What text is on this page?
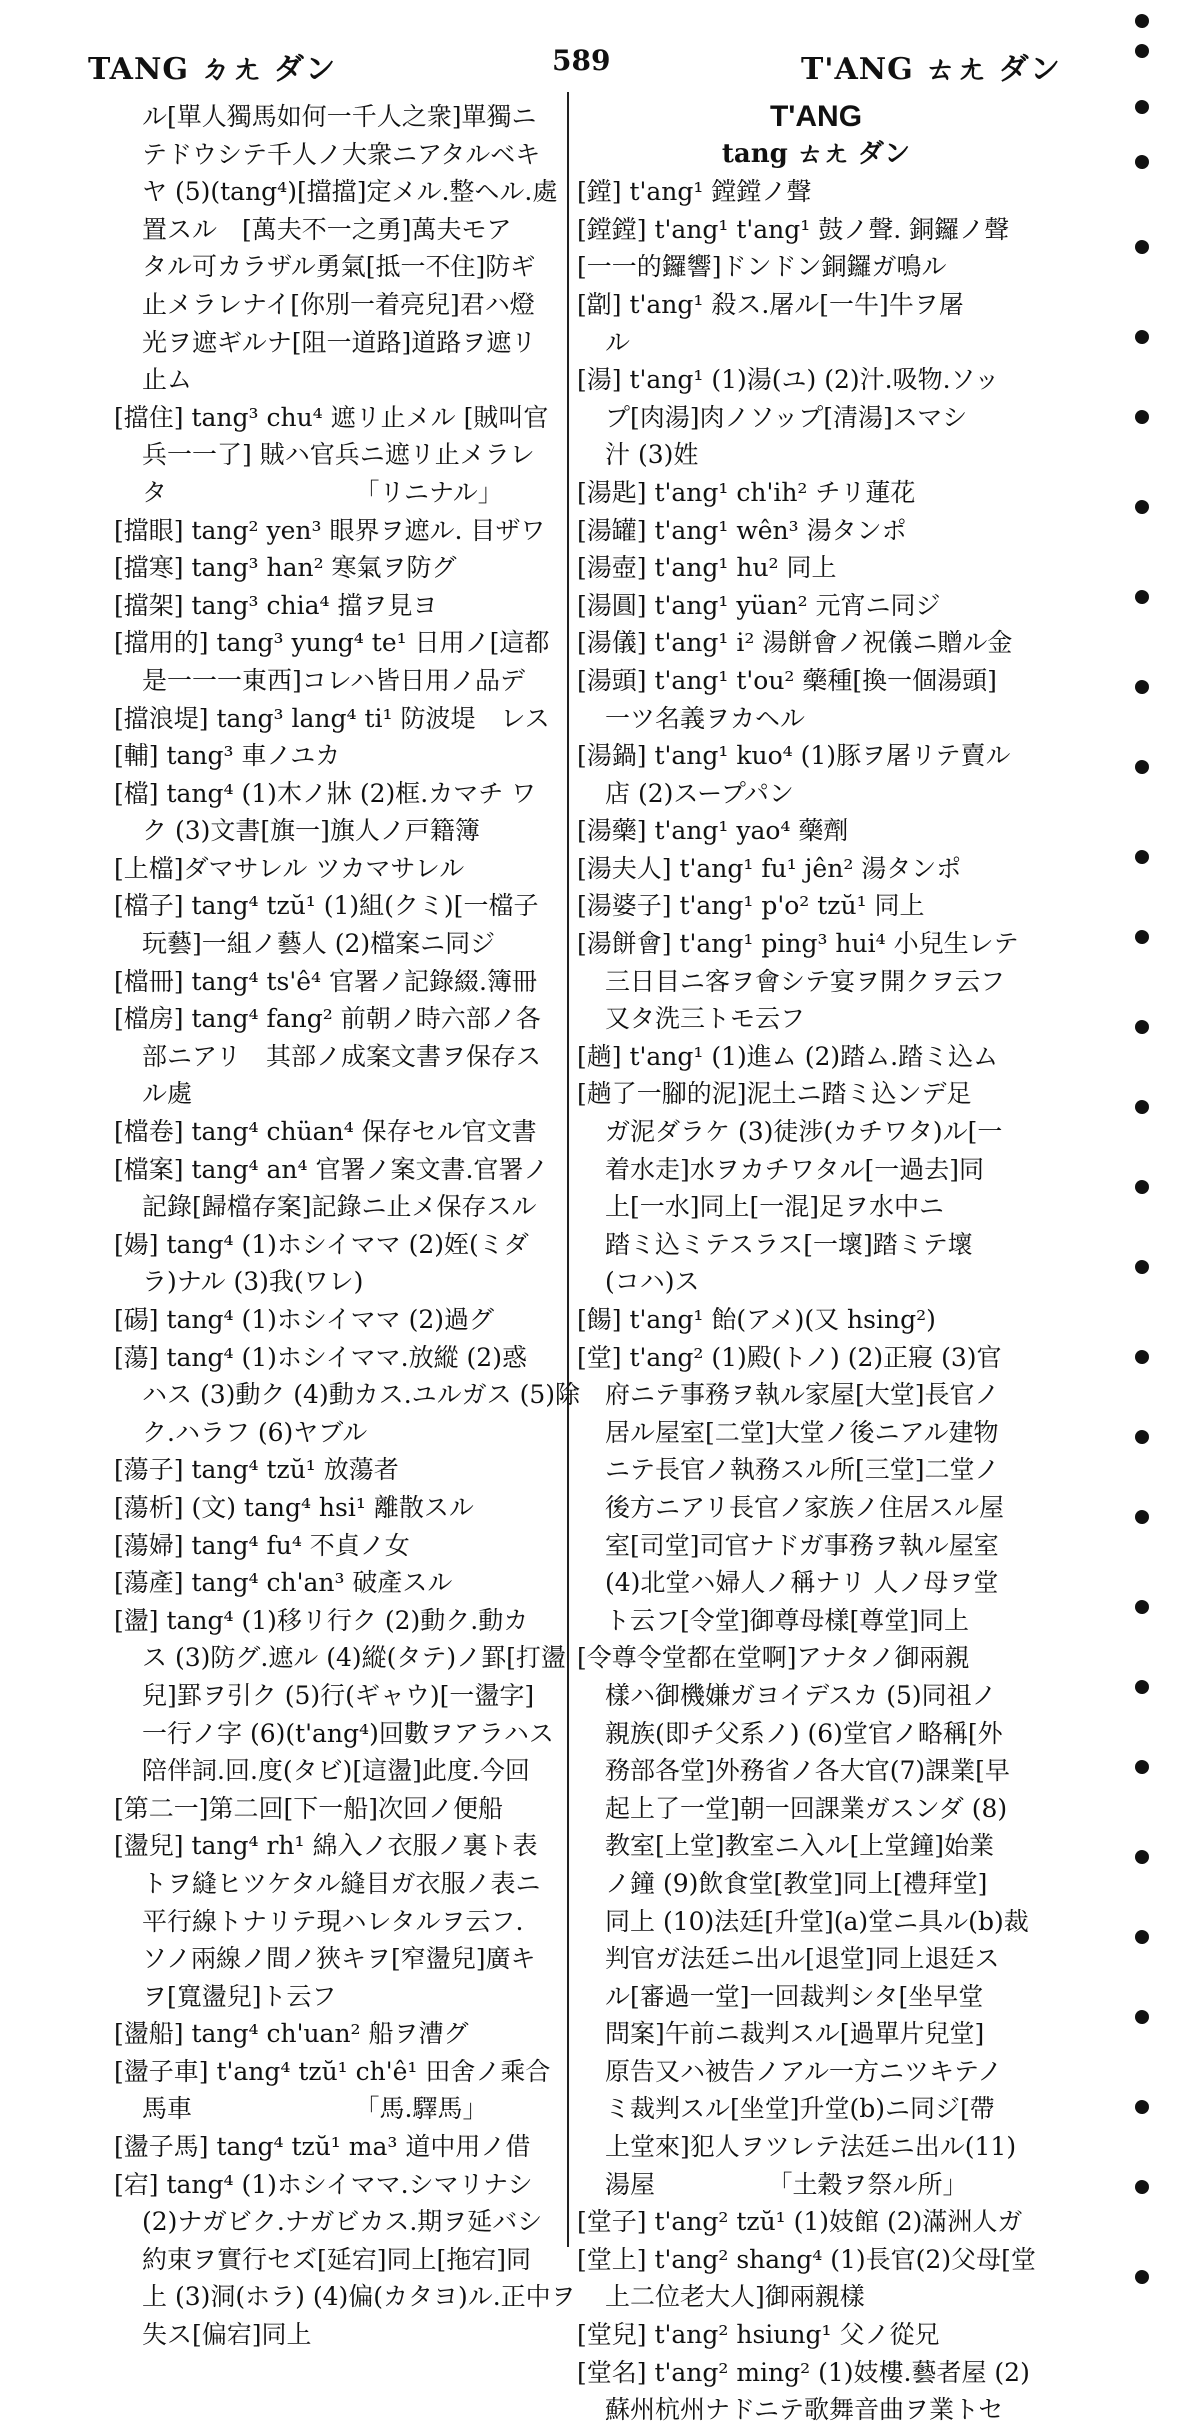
TANG ㄉㄤ ダン	589	T'ANG ㄊㄤ ダン
ル[單人獨馬如何一千人之衆]單獨ニ
テドウシテ千人ノ大衆ニアタルベキ
ヤ (5)(tang⁴)[擋擋]定メル.整ヘル.處
置スル　[萬夫不一之勇]萬夫モア
タル可カラザル勇氣[抵一不住]防ギ
止メラレナイ[你別一着亮兒]君ハ燈
光ヲ遮ギルナ[阻一道路]道路ヲ遮リ
止ム
[擋住] tang³ chu⁴ 遮リ止メル [賊叫官
兵一一了] 賊ハ官兵ニ遮リ止メラレ
タ　　　　　　　　「リニナル」
[擋眼] tang² yen³ 眼界ヲ遮ル. 目ザワ
[擋寒] tang³ han² 寒氣ヲ防グ
[擋架] tang³ chia⁴ 擋ヲ見ヨ
[擋用的] tang³ yung⁴ te¹ 日用ノ[這都
是一一一東西]コレハ皆日用ノ品デ
[擋浪堤] tang³ lang⁴ ti¹ 防波堤　レス
[輔] tang³ 車ノユカ
[檔] tang⁴ (1)木ノ牀 (2)框.カマチ ワ
ク (3)文書[旗一]旗人ノ戸籍簿
[上檔]ダマサレル ツカマサレル
[檔子] tang⁴ tzŭ¹ (1)組(クミ)[一檔子
玩藝]一組ノ藝人 (2)檔案ニ同ジ
[檔冊] tang⁴ ts'ê⁴ 官署ノ記錄綴.簿冊
[檔房] tang⁴ fang² 前朝ノ時六部ノ各
部ニアリ　其部ノ成案文書ヲ保存ス
ル處
[檔卷] tang⁴ chüan⁴ 保存セル官文書
[檔案] tang⁴ an⁴ 官署ノ案文書.官署ノ
記錄[歸檔存案]記錄ニ止メ保存スル
[婸] tang⁴ (1)ホシイママ (2)姪(ミダ
ラ)ナル (3)我(ワレ)
[碭] tang⁴ (1)ホシイママ (2)過グ
[蕩] tang⁴ (1)ホシイママ.放縱 (2)惑
ハス (3)動ク (4)動カス.ユルガス (5)除
ク.ハラフ (6)ヤブル
[蕩子] tang⁴ tzŭ¹ 放蕩者
[蕩析] (文) tang⁴ hsi¹ 離散スル
[蕩婦] tang⁴ fu⁴ 不貞ノ女
[蕩產] tang⁴ ch'an³ 破產スル
[盪] tang⁴ (1)移リ行ク (2)動ク.動カ
ス (3)防グ.遮ル (4)縱(タテ)ノ罫[打盪
兒]罫ヲ引ク (5)行(ギャウ)[一盪字]
一行ノ字 (6)(t'ang⁴)回數ヲアラハス
陪伴詞.回.度(タビ)[這盪]此度.今回
[第二一]第二回[下一船]次回ノ便船
[盪兒] tang⁴ rh¹ 綿入ノ衣服ノ裏ト表
トヲ縫ヒツケタル縫目ガ衣服ノ表ニ
平行線トナリテ現ハレタルヲ云フ.
ソノ兩線ノ間ノ狹キヲ[窄盪兒]廣キ
ヲ[寬盪兒]ト云フ
[盪船] tang⁴ ch'uan² 船ヲ漕グ
[盪子車] t'ang⁴ tzŭ¹ ch'ê¹ 田舍ノ乘合
馬車　　　　　　　「馬.驛馬」
[盪子馬] tang⁴ tzŭ¹ ma³ 道中用ノ借
[宕] tang⁴ (1)ホシイママ.シマリナシ
(2)ナガビク.ナガビカス.期ヲ延バシ
約束ヲ實行セズ[延宕]同上[拖宕]同
上 (3)洞(ホラ) (4)偏(カタヨ)ル.正中ヲ
失ス[偏宕]同上
T'ANG
tang ㄊㄤ ダン
[鏜] t'ang¹ 鏜鏜ノ聲
[鏜鏜] t'ang¹ t'ang¹ 鼓ノ聲. 銅鑼ノ聲
[一一的鑼響]ドンドン銅鑼ガ鳴ル
[劏] t'ang¹ 殺ス.屠ル[一牛]牛ヲ屠
ル
[湯] t'ang¹ (1)湯(ユ) (2)汁.吸物.ソッ
プ[肉湯]肉ノソップ[清湯]スマシ
汁 (3)姓
[湯匙] t'ang¹ ch'ih² チリ蓮花
[湯罐] t'ang¹ wên³ 湯タンポ
[湯壺] t'ang¹ hu² 同上
[湯圓] t'ang¹ yüan² 元宵ニ同ジ
[湯儀] t'ang¹ i² 湯餅會ノ祝儀ニ贈ル金
[湯頭] t'ang¹ t'ou² 藥種[換一個湯頭]
一ツ名義ヲカヘル
[湯鍋] t'ang¹ kuo⁴ (1)豚ヲ屠リテ賣ル
店 (2)スープパン
[湯藥] t'ang¹ yao⁴ 藥劑
[湯夫人] t'ang¹ fu¹ jên² 湯タンポ
[湯婆子] t'ang¹ p'o² tzŭ¹ 同上
[湯餅會] t'ang¹ ping³ hui⁴ 小兒生レテ
三日目ニ客ヲ會シテ宴ヲ開クヲ云フ
又タ洗三トモ云フ
[趟] t'ang¹ (1)進ム (2)踏ム.踏ミ込ム
[趟了一腳的泥]泥土ニ踏ミ込ンデ足
ガ泥ダラケ (3)徒涉(カチワタ)ル[一
着水走]水ヲカチワタル[一過去]同
上[一水]同上[一混]足ヲ水中ニ
踏ミ込ミテスラス[一壞]踏ミテ壞
(コハ)ス
[餳] t'ang¹ 飴(アメ)(又 hsing²)
[堂] t'ang² (1)殿(トノ) (2)正寢 (3)官
府ニテ事務ヲ執ル家屋[大堂]長官ノ
居ル屋室[二堂]大堂ノ後ニアル建物
ニテ長官ノ執務スル所[三堂]二堂ノ
後方ニアリ長官ノ家族ノ住居スル屋
室[司堂]司官ナドガ事務ヲ執ル屋室
(4)北堂ハ婦人ノ稱ナリ 人ノ母ヲ堂
ト云フ[令堂]御尊母樣[尊堂]同上
[令尊令堂都在堂啊]アナタノ御兩親
樣ハ御機嫌ガヨイデスカ (5)同祖ノ
親族(即チ父系ノ) (6)堂官ノ略稱[外
務部各堂]外務省ノ各大官(7)課業[早
起上了一堂]朝一回課業ガスンダ (8)
教室[上堂]教室ニ入ル[上堂鐘]始業
ノ鐘 (9)飲食堂[教堂]同上[禮拜堂]
同上 (10)法廷[升堂](a)堂ニ具ル(b)裁
判官ガ法廷ニ出ル[退堂]同上退廷ス
ル[審過一堂]一回裁判シタ[坐早堂
問案]午前ニ裁判スル[過單片兒堂]
原告又ハ被告ノアル一方ニツキテノ
ミ裁判スル[坐堂]升堂(b)ニ同ジ[帶
上堂來]犯人ヲツレテ法廷ニ出ル(11)
湯屋　　　　　「土穀ヲ祭ル所」
[堂子] t'ang² tzŭ¹ (1)妓館 (2)滿洲人ガ
[堂上] t'ang² shang⁴ (1)長官(2)父母[堂
上二位老大人]御兩親樣
[堂兒] t'ang² hsiung¹ 父ノ從兄
[堂名] t'ang² ming² (1)妓樓.藝者屋 (2)
蘇州杭州ナドニテ歌舞音曲ヲ業トセ
